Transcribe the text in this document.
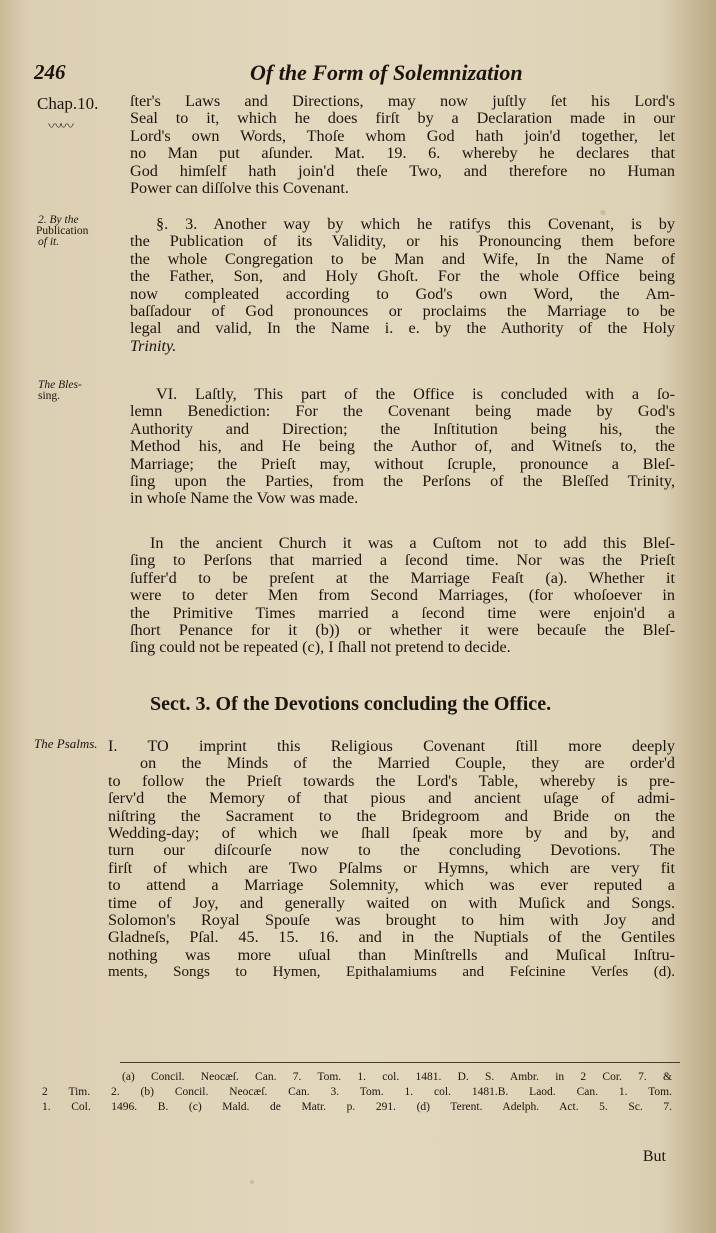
246	Of the Form of Solemnization
Chap.10.
〰〰
2. By the
Publication
of it.
The Bles-
sing.
The Psalms.
ſter's Laws and Directions, may now juſtly ſet his Lord's
Seal to it, which he does firſt by a Declaration made in our
Lord's own Words, Thoſe whom God hath join'd together, let
no Man put aſunder. Mat. 19. 6. whereby he declares that
God himſelf hath join'd theſe Two, and therefore no Human
Power can diſſolve this Covenant.
§. 3. Another way by which he ratifys this Covenant, is by
the Publication of its Validity, or his Pronouncing them before
the whole Congregation to be Man and Wife, In the Name of
the Father, Son, and Holy Ghoſt. For the whole Office being
now compleated according to God's own Word, the Am-
baſſadour of God pronounces or proclaims the Marriage to be
legal and valid, In the Name i. e. by the Authority of the Holy
Trinity.
VI. Laſtly, This part of the Office is concluded with a ſo-
lemn Benediction: For the Covenant being made by God's
Authority and Direction; the Inſtitution being his, the
Method his, and He being the Author of, and Witneſs to, the
Marriage; the Prieſt may, without ſcruple, pronounce a Bleſ-
ſing upon the Parties, from the Perſons of the Bleſſed Trinity,
in whoſe Name the Vow was made.
In the ancient Church it was a Cuſtom not to add this Bleſ-
ſing to Perſons that married a ſecond time. Nor was the Prieſt
ſuffer'd to be preſent at the Marriage Feaſt (a). Whether it
were to deter Men from Second Marriages, (for whoſoever in
the Primitive Times married a ſecond time were enjoin'd a
ſhort Penance for it (b)) or whether it were becauſe the Bleſ-
ſing could not be repeated (c), I ſhall not pretend to decide.
Sect. 3. Of the Devotions concluding the Office.
I. TO imprint this Religious Covenant ſtill more deeply
on the Minds of the Married Couple, they are order'd
to follow the Prieſt towards the Lord's Table, whereby is pre-
ſerv'd the Memory of that pious and ancient uſage of admi-
niſtring the Sacrament to the Bridegroom and Bride on the
Wedding-day; of which we ſhall ſpeak more by and by, and
turn our diſcourſe now to the concluding Devotions. The
firſt of which are Two Pſalms or Hymns, which are very fit
to attend a Marriage Solemnity, which was ever reputed a
time of Joy, and generally waited on with Muſick and Songs.
Solomon's Royal Spouſe was brought to him with Joy and
Gladneſs, Pſal. 45. 15. 16. and in the Nuptials of the Gentiles
nothing was more uſual than Minſtrells and Muſical Inſtru-
ments, Songs to Hymen, Epithalamiums and Feſcinine Verſes (d).
(a) Concil. Neocæſ. Can. 7. Tom. 1. col. 1481. D. S. Ambr. in 2 Cor. 7. &
2 Tim. 2. (b) Concil. Neocæſ. Can. 3. Tom. 1. col. 1481.B. Laod. Can. 1. Tom.
1. Col. 1496. B. (c) Mald. de Matr. p. 291. (d) Terent. Adelph. Act. 5. Sc. 7.
But
